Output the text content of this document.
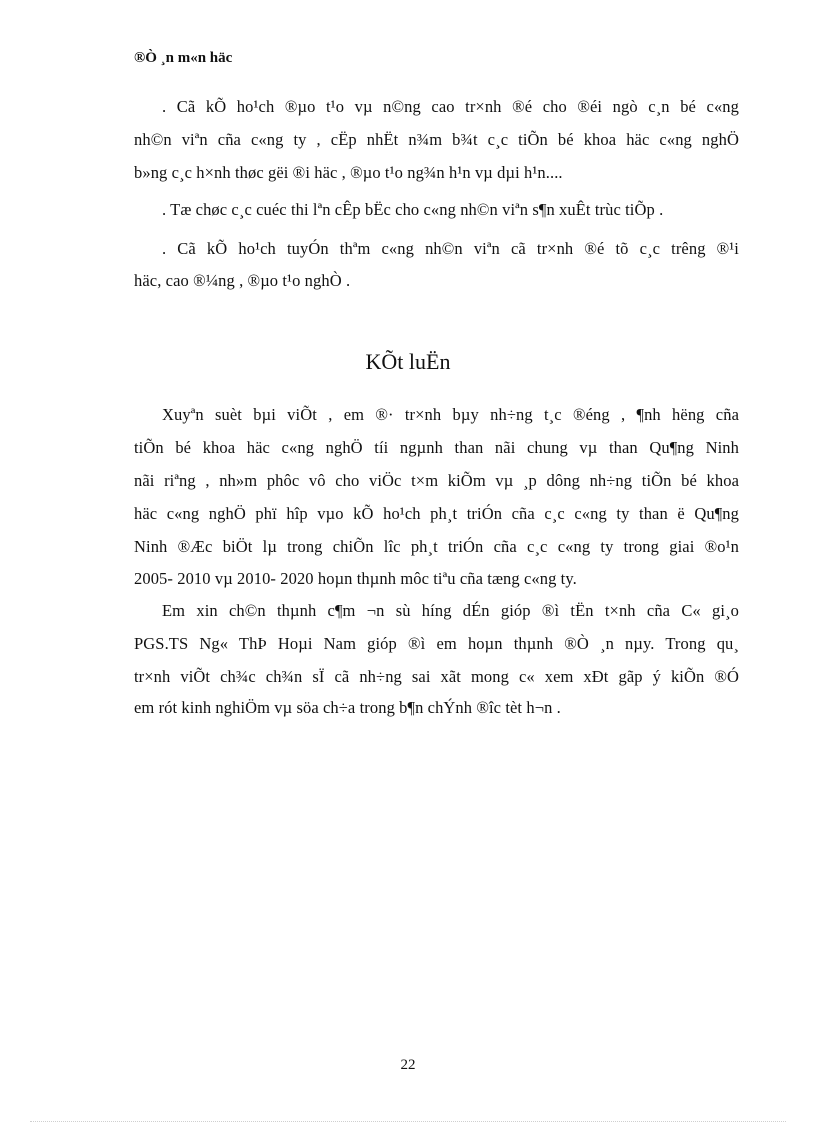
®Ò ¸n m«n häc
. Cã kÕ ho¹ch ®µo t¹o vµ n©ng cao tr×nh ®é cho ®éi ngò c¸n bé c«ng
nh©n viªn cña c«ng ty , cËp nhËt n¾m b¾t c¸c tiÕn bé khoa häc c«ng nghÖ
b»ng c¸c h×nh thøc gëi ®i häc , ®µo t¹o ng¾n h¹n vµ dµi h¹n....
. Tæ chøc c¸c cuéc thi lªn cÊp bËc cho c«ng nh©n viªn s¶n xuÊt trùc tiÕp .
. Cã kÕ ho¹ch tuyÓn thªm c«ng nh©n viªn cã tr×nh ®é tõ c¸c trêng ®¹i
häc, cao ®¼ng , ®µo t¹o nghÒ .
KÕt luËn
Xuyªn suèt bµi viÕt , em ®· tr×nh bµy nh÷ng t¸c ®éng , ¶nh hëng cña
tiÕn bé khoa häc c«ng nghÖ tíi ngµnh than nãi chung vµ than Qu¶ng Ninh
nãi riªng , nh»m phôc vô cho viÖc t×m kiÕm vµ ¸p dông nh÷ng tiÕn bé khoa
häc c«ng nghÖ phï hîp vµo kÕ ho¹ch ph¸t triÓn cña c¸c c«ng ty than ë Qu¶ng
Ninh ®Æc biÖt lµ trong chiÕn lîc ph¸t triÓn cña c¸c c«ng ty trong giai ®o¹n
2005- 2010 vµ 2010- 2020 hoµn thµnh môc tiªu cña tæng c«ng ty.
Em xin ch©n thµnh c¶m ¬n sù híng dÉn gióp ®ì tËn t×nh cña C« gi¸o
PGS.TS Ng« ThÞ Hoµi Nam gióp ®ì em hoµn thµnh ®Ò ¸n nµy. Trong qu¸
tr×nh viÕt ch¾c ch¾n sÏ cã nh÷ng sai xãt mong c« xem xÐt gãp ý kiÕn ®Ó
em rót kinh nghiÖm vµ söa ch÷a trong b¶n chÝnh ®îc tèt h¬n .
22
